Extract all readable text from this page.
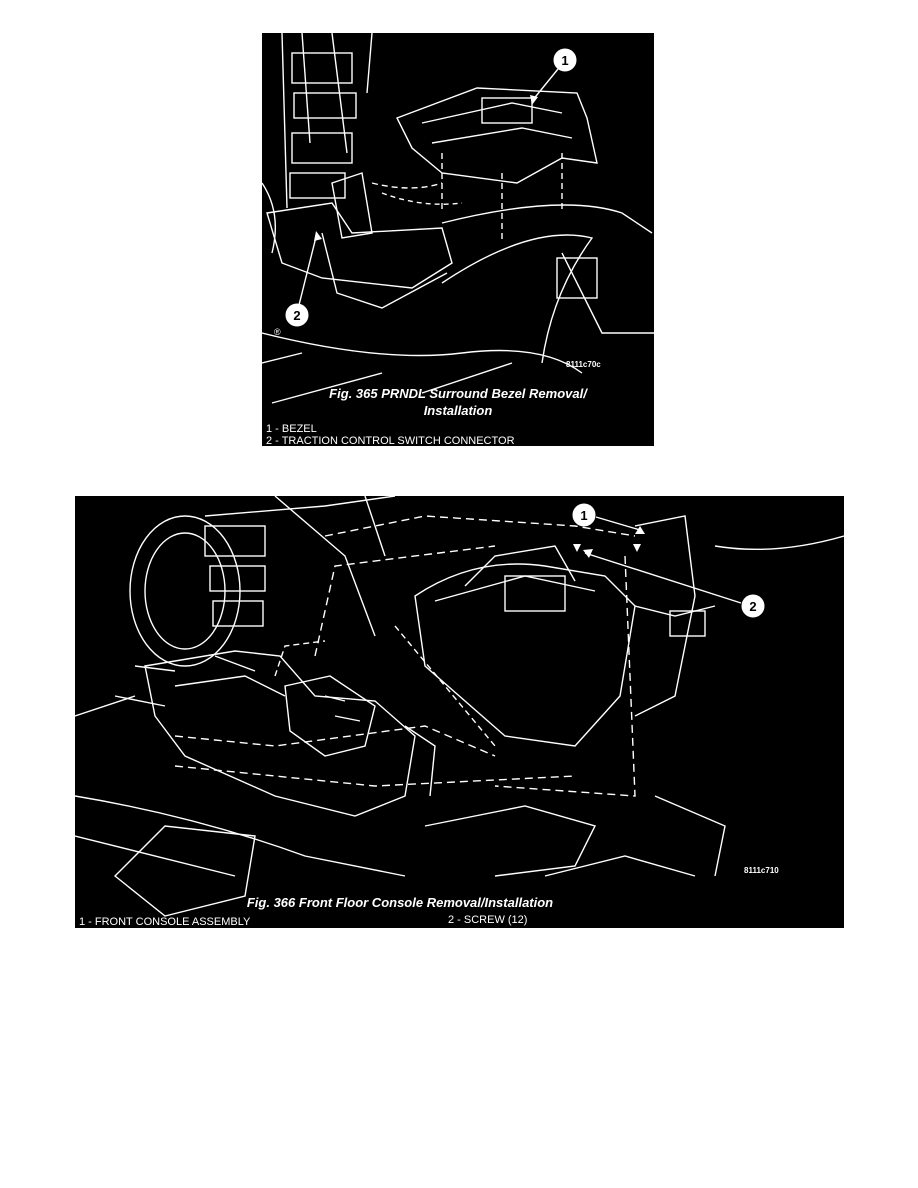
1
2
®
8111c70c
Fig. 365 PRNDL Surround Bezel Removal/
Installation
1 - BEZEL
2 - TRACTION CONTROL SWITCH CONNECTOR
1
2
8111c710
Fig. 366 Front Floor Console Removal/Installation
1 - FRONT CONSOLE ASSEMBLY	2 - SCREW (12)
